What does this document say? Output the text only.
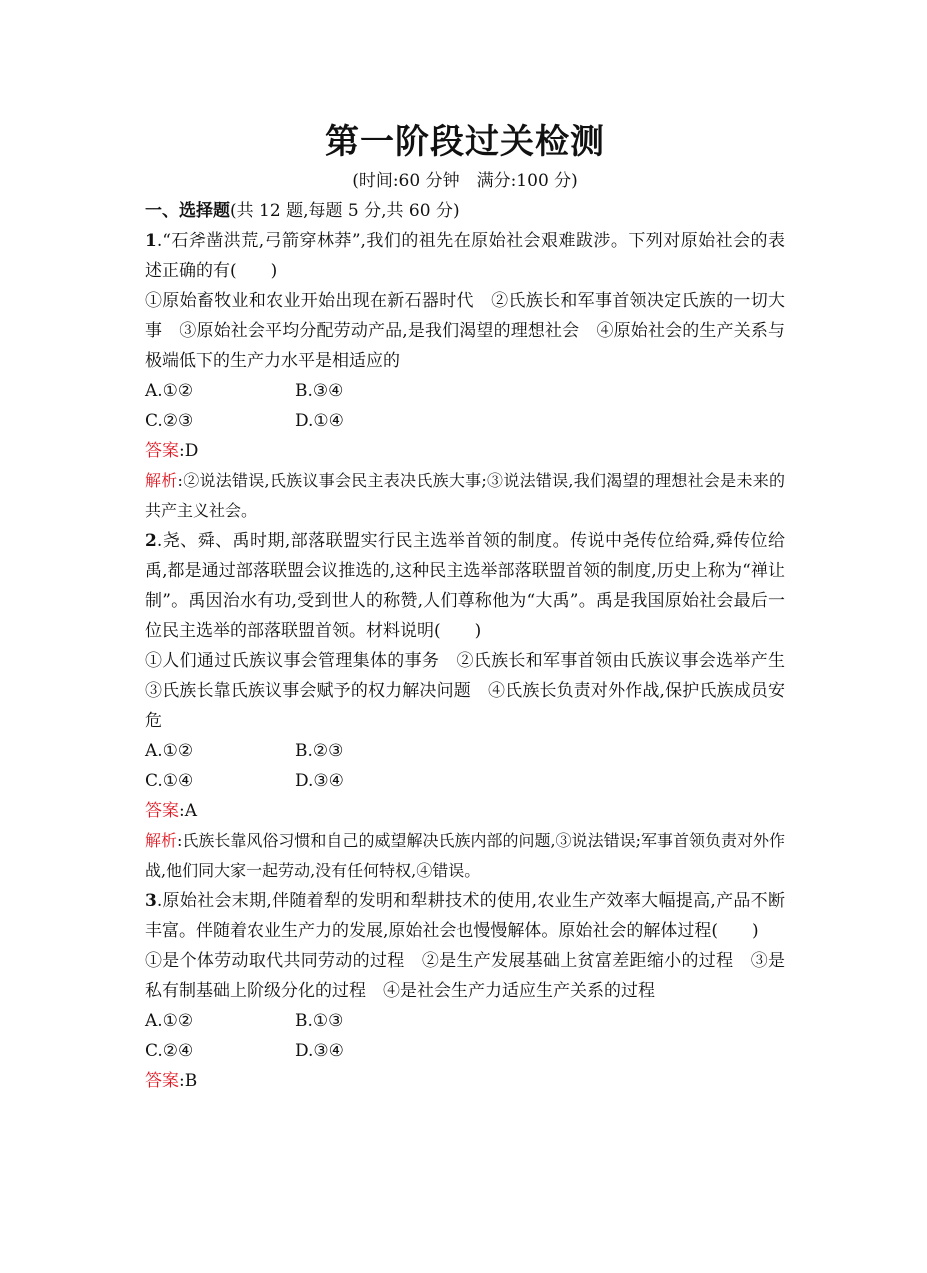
第一阶段过关检测
(时间:60 分钟　满分:100 分)
一、选择题(共 12 题,每题 5 分,共 60 分)

1.“石斧凿洪荒,弓箭穿林莽”,我们的祖先在原始社会艰难跋涉。下列对原始社会的表述正确的有(　　)

①原始畜牧业和农业开始出现在新石器时代　②氏族长和军事首领决定氏族的一切大事　③原始社会平均分配劳动产品,是我们渴望的理想社会　④原始社会的生产关系与极端低下的生产力水平是相适应的

A.①②	B.③④
C.②③	D.①④
答案:D

解析:②说法错误,氏族议事会民主表决氏族大事;③说法错误,我们渴望的理想社会是未来的共产主义社会。

2.尧、舜、禹时期,部落联盟实行民主选举首领的制度。传说中尧传位给舜,舜传位给禹,都是通过部落联盟会议推选的,这种民主选举部落联盟首领的制度,历史上称为“禅让制”。禹因治水有功,受到世人的称赞,人们尊称他为“大禹”。禹是我国原始社会最后一位民主选举的部落联盟首领。材料说明(　　)

①人们通过氏族议事会管理集体的事务　②氏族长和军事首领由氏族议事会选举产生　③氏族长靠氏族议事会赋予的权力解决问题　④氏族长负责对外作战,保护氏族成员安危

A.①②	B.②③
C.①④	D.③④
答案:A

解析:氏族长靠风俗习惯和自己的威望解决氏族内部的问题,③说法错误;军事首领负责对外作战,他们同大家一起劳动,没有任何特权,④错误。

3.原始社会末期,伴随着犁的发明和犁耕技术的使用,农业生产效率大幅提高,产品不断丰富。伴随着农业生产力的发展,原始社会也慢慢解体。原始社会的解体过程(　　)

①是个体劳动取代共同劳动的过程　②是生产发展基础上贫富差距缩小的过程　③是私有制基础上阶级分化的过程　④是社会生产力适应生产关系的过程

A.①②	B.①③
C.②④	D.③④
答案:B
